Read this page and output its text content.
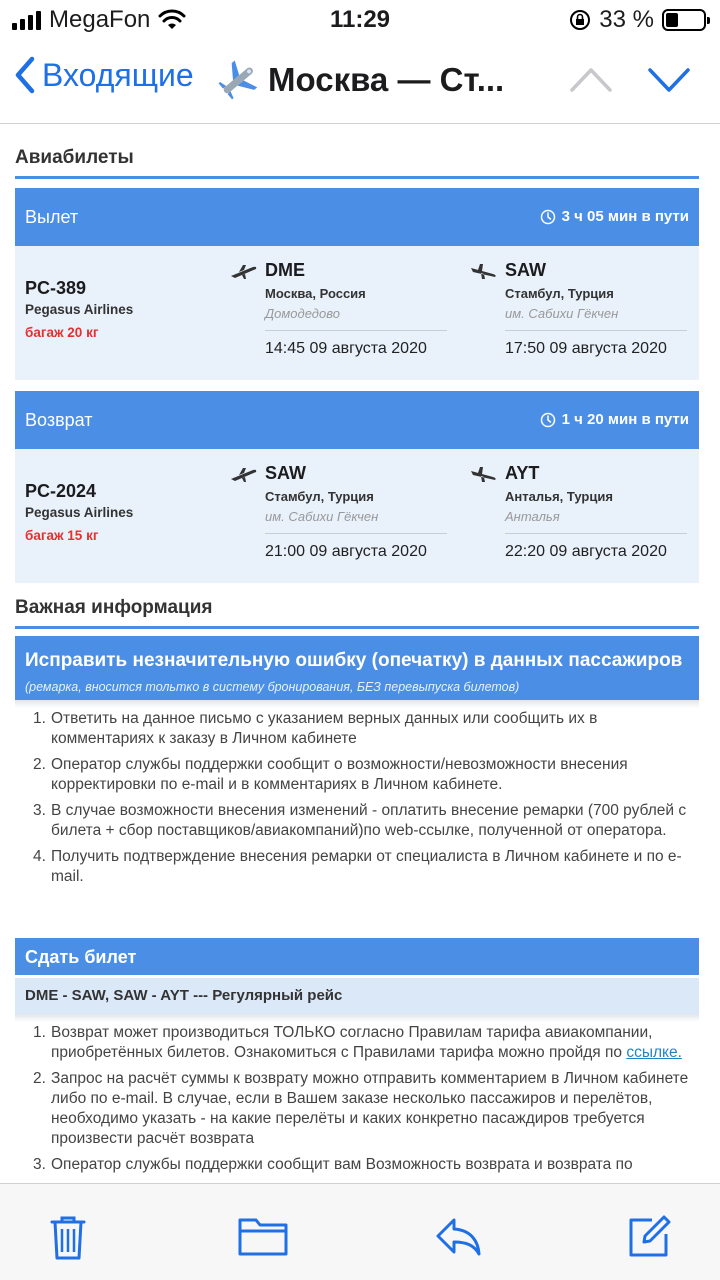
MegaFon	11:29	33 %
Входящие Москва — Ст...
Авиабилеты
Вылет	3 ч 05 мин в пути
PC-389
Pegasus Airlines
багаж 20 кг
DME
Москва, Россия
Домодедово
14:45 09 августа 2020
SAW
Стамбул, Турция
им. Сабихи Гёкчен
17:50 09 августа 2020
Возврат	1 ч 20 мин в пути
PC-2024
Pegasus Airlines
багаж 15 кг
SAW
Стамбул, Турция
им. Сабихи Гёкчен
21:00 09 августа 2020
AYT
Анталья, Турция
Анталья
22:20 09 августа 2020
Важная информация
Исправить незначительную ошибку (опечатку) в данных пассажиров
(ремарка, вносится тольтко в систему бронирования, БЕЗ перевыпуска билетов)
1. Ответить на данное письмо с указанием верных данных или сообщить их в комментариях к заказу в Личном кабинете
2. Оператор службы поддержки сообщит о возможности/невозможности внесения корректировки по e-mail и в комментариях в Личном кабинете.
3. В случае возможности внесения изменений - оплатить внесение ремарки (700 рублей с билета + сбор поставщиков/авиакомпаний)по web-ссылке, полученной от оператора.
4. Получить подтверждение внесения ремарки от специалиста в Личном кабинете и по e-mail.
Сдать билет
DME - SAW, SAW - AYT --- Регулярный рейс
1. Возврат может производиться ТОЛЬКО согласно Правилам тарифа авиакомпании, приобретённых билетов. Ознакомиться с Правилами тарифа можно пройдя по ссылке.
2. Запрос на расчёт суммы к возврату можно отправить комментарием в Личном кабинете либо по e-mail. В случае, если в Вашем заказе несколько пассажиров и перелётов, необходимо указать - на какие перелёты и каких конкретно пасаждиров требуется произвести расчёт возврата
3. Оператор службы поддержки сообщит вам Возможность возврата и возврата по
